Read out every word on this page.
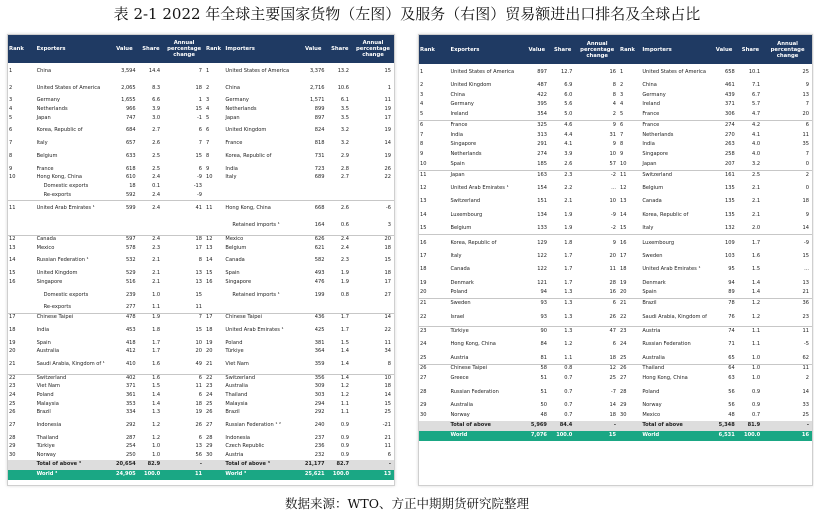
表 2-1 2022 年全球主要国家货物（左图）及服务（右图）贸易额进出口排名及全球占比
Rank	Exporters	Value	Share	Annual percentage change	Rank	Importers	Value	Share	Annual percentage change
1	China	3,594	14.4	7	1	United States of America	3,376	13.2	15
2	United States of America	2,065	8.3	18	2	China	2,716	10.6	1
3	Germany	1,655	6.6	1	3	Germany	1,571	6.1	11
4	Netherlands	966	3.9	15	4	Netherlands	899	3.5	19
5	Japan	747	3.0	-1	5	Japan	897	3.5	17
6	Korea, Republic of	684	2.7	6	6	United Kingdom	824	3.2	19
7	Italy	657	2.6	7	7	France	818	3.2	14
8	Belgium	633	2.5	15	8	Korea, Republic of	731	2.9	19
9	France	618	2.5	6	9	India	723	2.8	26
10	Hong Kong, China	610	2.4	-9	10	Italy	689	2.7	22
	Domestic exports	18	0.1	-13					
	Re-exports	592	2.4	-9					
11	United Arab Emirates ¹	599	2.4	41	11	Hong Kong, China	668	2.6	-6
						Retained imports ¹	164	0.6	3
12	Canada	597	2.4	18	12	Mexico	626	2.4	20
13	Mexico	578	2.3	17	13	Belgium	621	2.4	18
14	Russian Federation ¹	532	2.1	8	14	Canada	582	2.3	15
15	United Kingdom	529	2.1	13	15	Spain	493	1.9	18
16	Singapore	516	2.1	13	16	Singapore	476	1.9	17
	Domestic exports	239	1.0	15		Retained imports ¹	199	0.8	27
	Re-exports	277	1.1	11					
17	Chinese Taipei	478	1.9	7	17	Chinese Taipei	436	1.7	14
18	India	453	1.8	15	18	United Arab Emirates ¹	425	1.7	22
19	Spain	418	1.7	10	19	Poland	381	1.5	11
20	Australia	412	1.7	20	20	Türkiye	364	1.4	34
21	Saudi Arabia, Kingdom of ¹	410	1.6	49	21	Viet Nam	359	1.4	8
22	Switzerland	402	1.6	6	22	Switzerland	356	1.4	10
23	Viet Nam	371	1.5	11	23	Australia	309	1.2	18
24	Poland	361	1.4	6	24	Thailand	303	1.2	14
25	Malaysia	353	1.4	18	25	Malaysia	294	1.1	15
26	Brazil	334	1.3	19	26	Brazil	292	1.1	25
27	Indonesia	292	1.2	26	27	Russian Federation ¹ ²	240	0.9	-21
28	Thailand	287	1.2	6	28	Indonesia	237	0.9	21
29	Türkiye	254	1.0	13	29	Czech Republic	236	0.9	11
30	Norway	250	1.0	56	30	Austria	232	0.9	6
	Total of above ³	20,654	82.9	-		Total of above ³	21,177	82.7	-
	World ³	24,905	100.0	11		World ³	25,621	100.0	13
Rank	Exporters	Value	Share	Annual percentage change	Rank	Importers	Value	Share	Annual percentage change
1	United States of America	897	12.7	16	1	United States of America	658	10.1	25
2	United Kingdom	487	6.9	8	2	China	461	7.1	9
3	China	422	6.0	8	3	Germany	439	6.7	13
4	Germany	395	5.6	4	4	Ireland	371	5.7	7
5	Ireland	354	5.0	2	5	France	306	4.7	20
6	France	325	4.6	9	6	France	274	4.2	6
7	India	313	4.4	31	7	Netherlands	270	4.1	11
8	Singapore	291	4.1	9	8	India	263	4.0	35
9	Netherlands	274	3.9	10	9	Singapore	258	4.0	7
10	Spain	185	2.6	57	10	Japan	207	3.2	0
11	Japan	163	2.3	-2	11	Switzerland	161	2.5	2
12	United Arab Emirates ¹	154	2.2	...	12	Belgium	135	2.1	0
13	Switzerland	151	2.1	10	13	Canada	135	2.1	18
14	Luxembourg	134	1.9	-9	14	Korea, Republic of	135	2.1	9
15	Belgium	133	1.9	-2	15	Italy	132	2.0	14
16	Korea, Republic of	129	1.8	9	16	Luxembourg	109	1.7	-9
17	Italy	122	1.7	20	17	Sweden	103	1.6	15
18	Canada	122	1.7	11	18	United Arab Emirates ¹	95	1.5	...
19	Denmark	121	1.7	28	19	Denmark	94	1.4	13
20	Poland	94	1.3	16	20	Spain	89	1.4	21
21	Sweden	93	1.3	6	21	Brazil	78	1.2	36
22	Israel	93	1.3	26	22	Saudi Arabia, Kingdom of	76	1.2	23
23	Türkiye	90	1.3	47	23	Austria	74	1.1	11
24	Hong Kong, China	84	1.2	6	24	Russian Federation	71	1.1	-5
25	Austria	81	1.1	18	25	Australia	65	1.0	62
26	Chinese Taipei	58	0.8	12	26	Thailand	64	1.0	11
27	Greece	51	0.7	25	27	Hong Kong, China	63	1.0	2
28	Russian Federation	51	0.7	-7	28	Poland	56	0.9	14
29	Australia	50	0.7	14	29	Norway	56	0.9	33
30	Norway	48	0.7	18	30	Mexico	48	0.7	25
	Total of above	5,969	84.4	-		Total of above	5,348	81.9	-
	World	7,076	100.0	15		World	6,531	100.0	16
数据来源：WTO、方正中期期货研究院整理
